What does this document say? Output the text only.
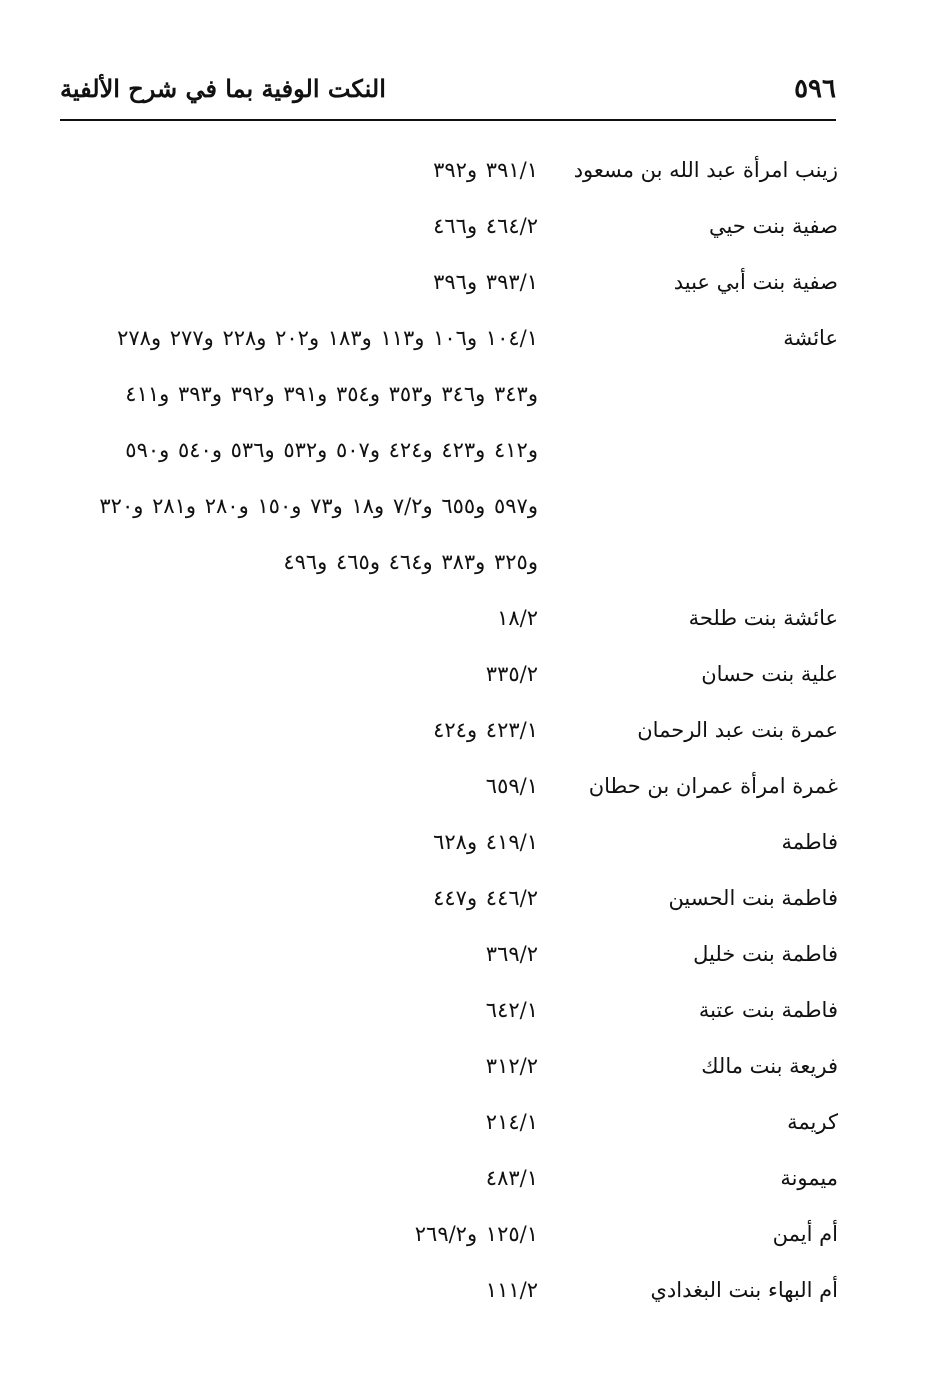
٥٩٦
النكت الوفية بما في شرح الألفية
زينب امرأة عبد الله بن مسعود
٣٩١/١ و٣٩٢
صفية بنت حيي
٤٦٤/٢ و٤٦٦
صفية بنت أبي عبيد
٣٩٣/١ و٣٩٦
عائشة
١٠٤/١ و١٠٦ و١١٣ و١٨٣ و٢٠٢ و٢٢٨ و٢٧٧ و٢٧٨
و٣٤٣ و٣٤٦ و٣٥٣ و٣٥٤ و٣٩١ و٣٩٢ و٣٩٣ و٤١١
و٤١٢ و٤٢٣ و٤٢٤ و٥٠٧ و٥٣٢ و٥٣٦ و٥٤٠ و٥٩٠
و٥٩٧ و٦٥٥ و٧/٢ و١٨ و٧٣ و١٥٠ و٢٨٠ و٢٨١ و٣٢٠
و٣٢٥ و٣٨٣ و٤٦٤ و٤٦٥ و٤٩٦
عائشة بنت طلحة
١٨/٢
علية بنت حسان
٣٣٥/٢
عمرة بنت عبد الرحمان
٤٢٣/١ و٤٢٤
غمرة امرأة عمران بن حطان
٦٥٩/١
فاطمة
٤١٩/١ و٦٢٨
فاطمة بنت الحسين
٤٤٦/٢ و٤٤٧
فاطمة بنت خليل
٣٦٩/٢
فاطمة بنت عتبة
٦٤٢/١
فريعة بنت مالك
٣١٢/٢
كريمة
٢١٤/١
ميمونة
٤٨٣/١
أم أيمن
١٢٥/١ و٢٦٩/٢
أم البهاء بنت البغدادي
١١١/٢
